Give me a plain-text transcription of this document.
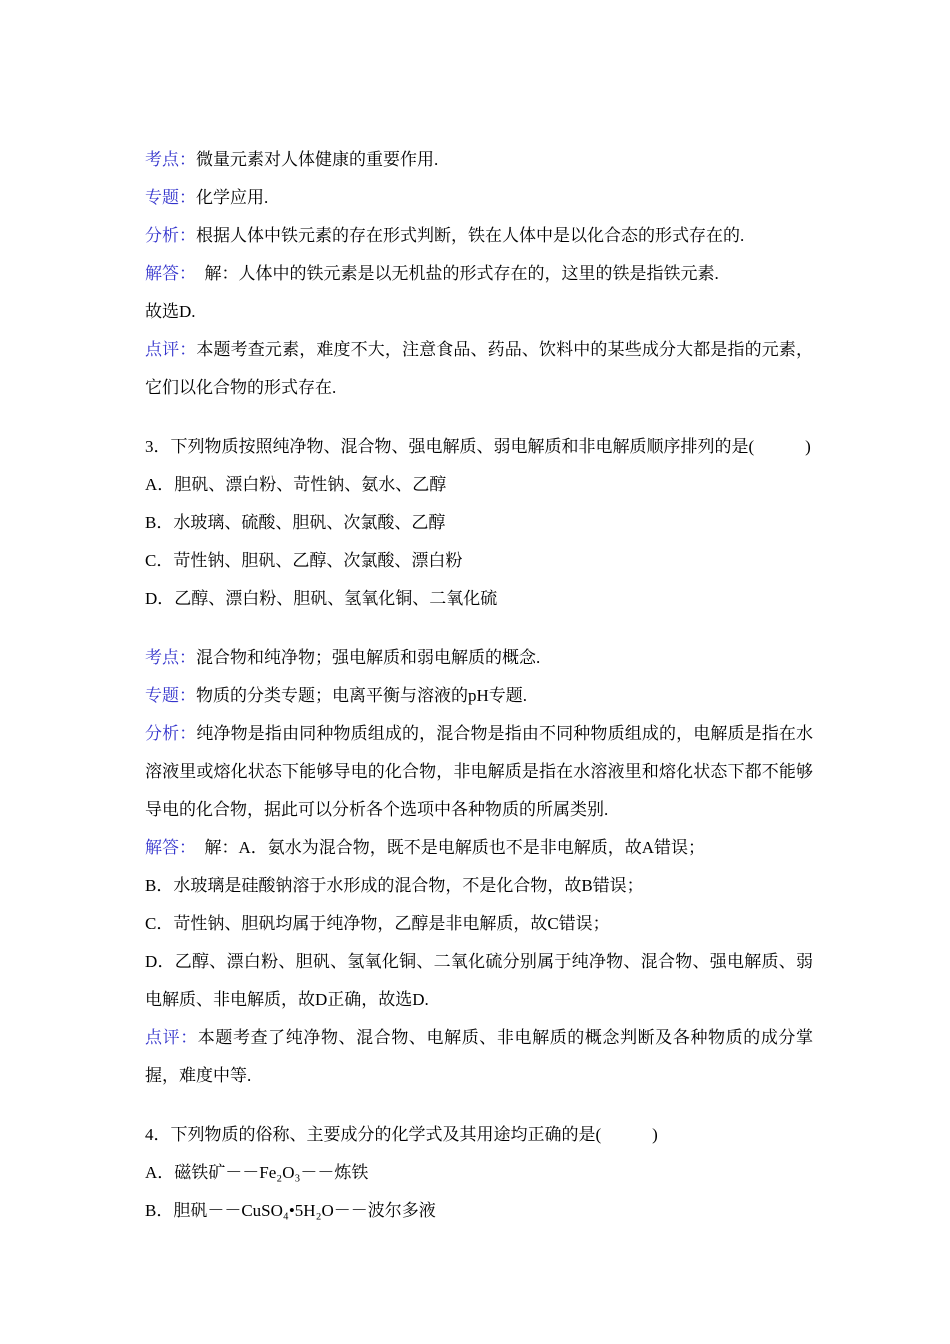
考点：微量元素对人体健康的重要作用.

专题：化学应用.

分析：根据人体中铁元素的存在形式判断，铁在人体中是以化合态的形式存在的.

解答：　解：人体中的铁元素是以无机盐的形式存在的，这里的铁是指铁元素.

故选D.

点评：本题考查元素，难度不大，注意食品、药品、饮料中的某些成分大都是指的元素，它们以化合物的形式存在.

3．下列物质按照纯净物、混合物、强电解质、弱电解质和非电解质顺序排列的是(　　　)

A．胆矾、漂白粉、苛性钠、氨水、乙醇

B．水玻璃、硫酸、胆矾、次氯酸、乙醇

C．苛性钠、胆矾、乙醇、次氯酸、漂白粉

D．乙醇、漂白粉、胆矾、氢氧化铜、二氧化硫

考点：混合物和纯净物；强电解质和弱电解质的概念.

专题：物质的分类专题；电离平衡与溶液的pH专题.

分析：纯净物是指由同种物质组成的，混合物是指由不同种物质组成的，电解质是指在水溶液里或熔化状态下能够导电的化合物，非电解质是指在水溶液里和熔化状态下都不能够导电的化合物，据此可以分析各个选项中各种物质的所属类别.

解答：　解：A．氨水为混合物，既不是电解质也不是非电解质，故A错误；

B．水玻璃是硅酸钠溶于水形成的混合物，不是化合物，故B错误；

C．苛性钠、胆矾均属于纯净物，乙醇是非电解质，故C错误；

D．乙醇、漂白粉、胆矾、氢氧化铜、二氧化硫分别属于纯净物、混合物、强电解质、弱电解质、非电解质，故D正确，故选D.

点评：本题考查了纯净物、混合物、电解质、非电解质的概念判断及各种物质的成分掌握，难度中等.

4．下列物质的俗称、主要成分的化学式及其用途均正确的是(　　　)

A．磁铁矿－－Fe₂O₃－－炼铁

B．胆矾－－CuSO₄•5H₂O－－波尔多液
